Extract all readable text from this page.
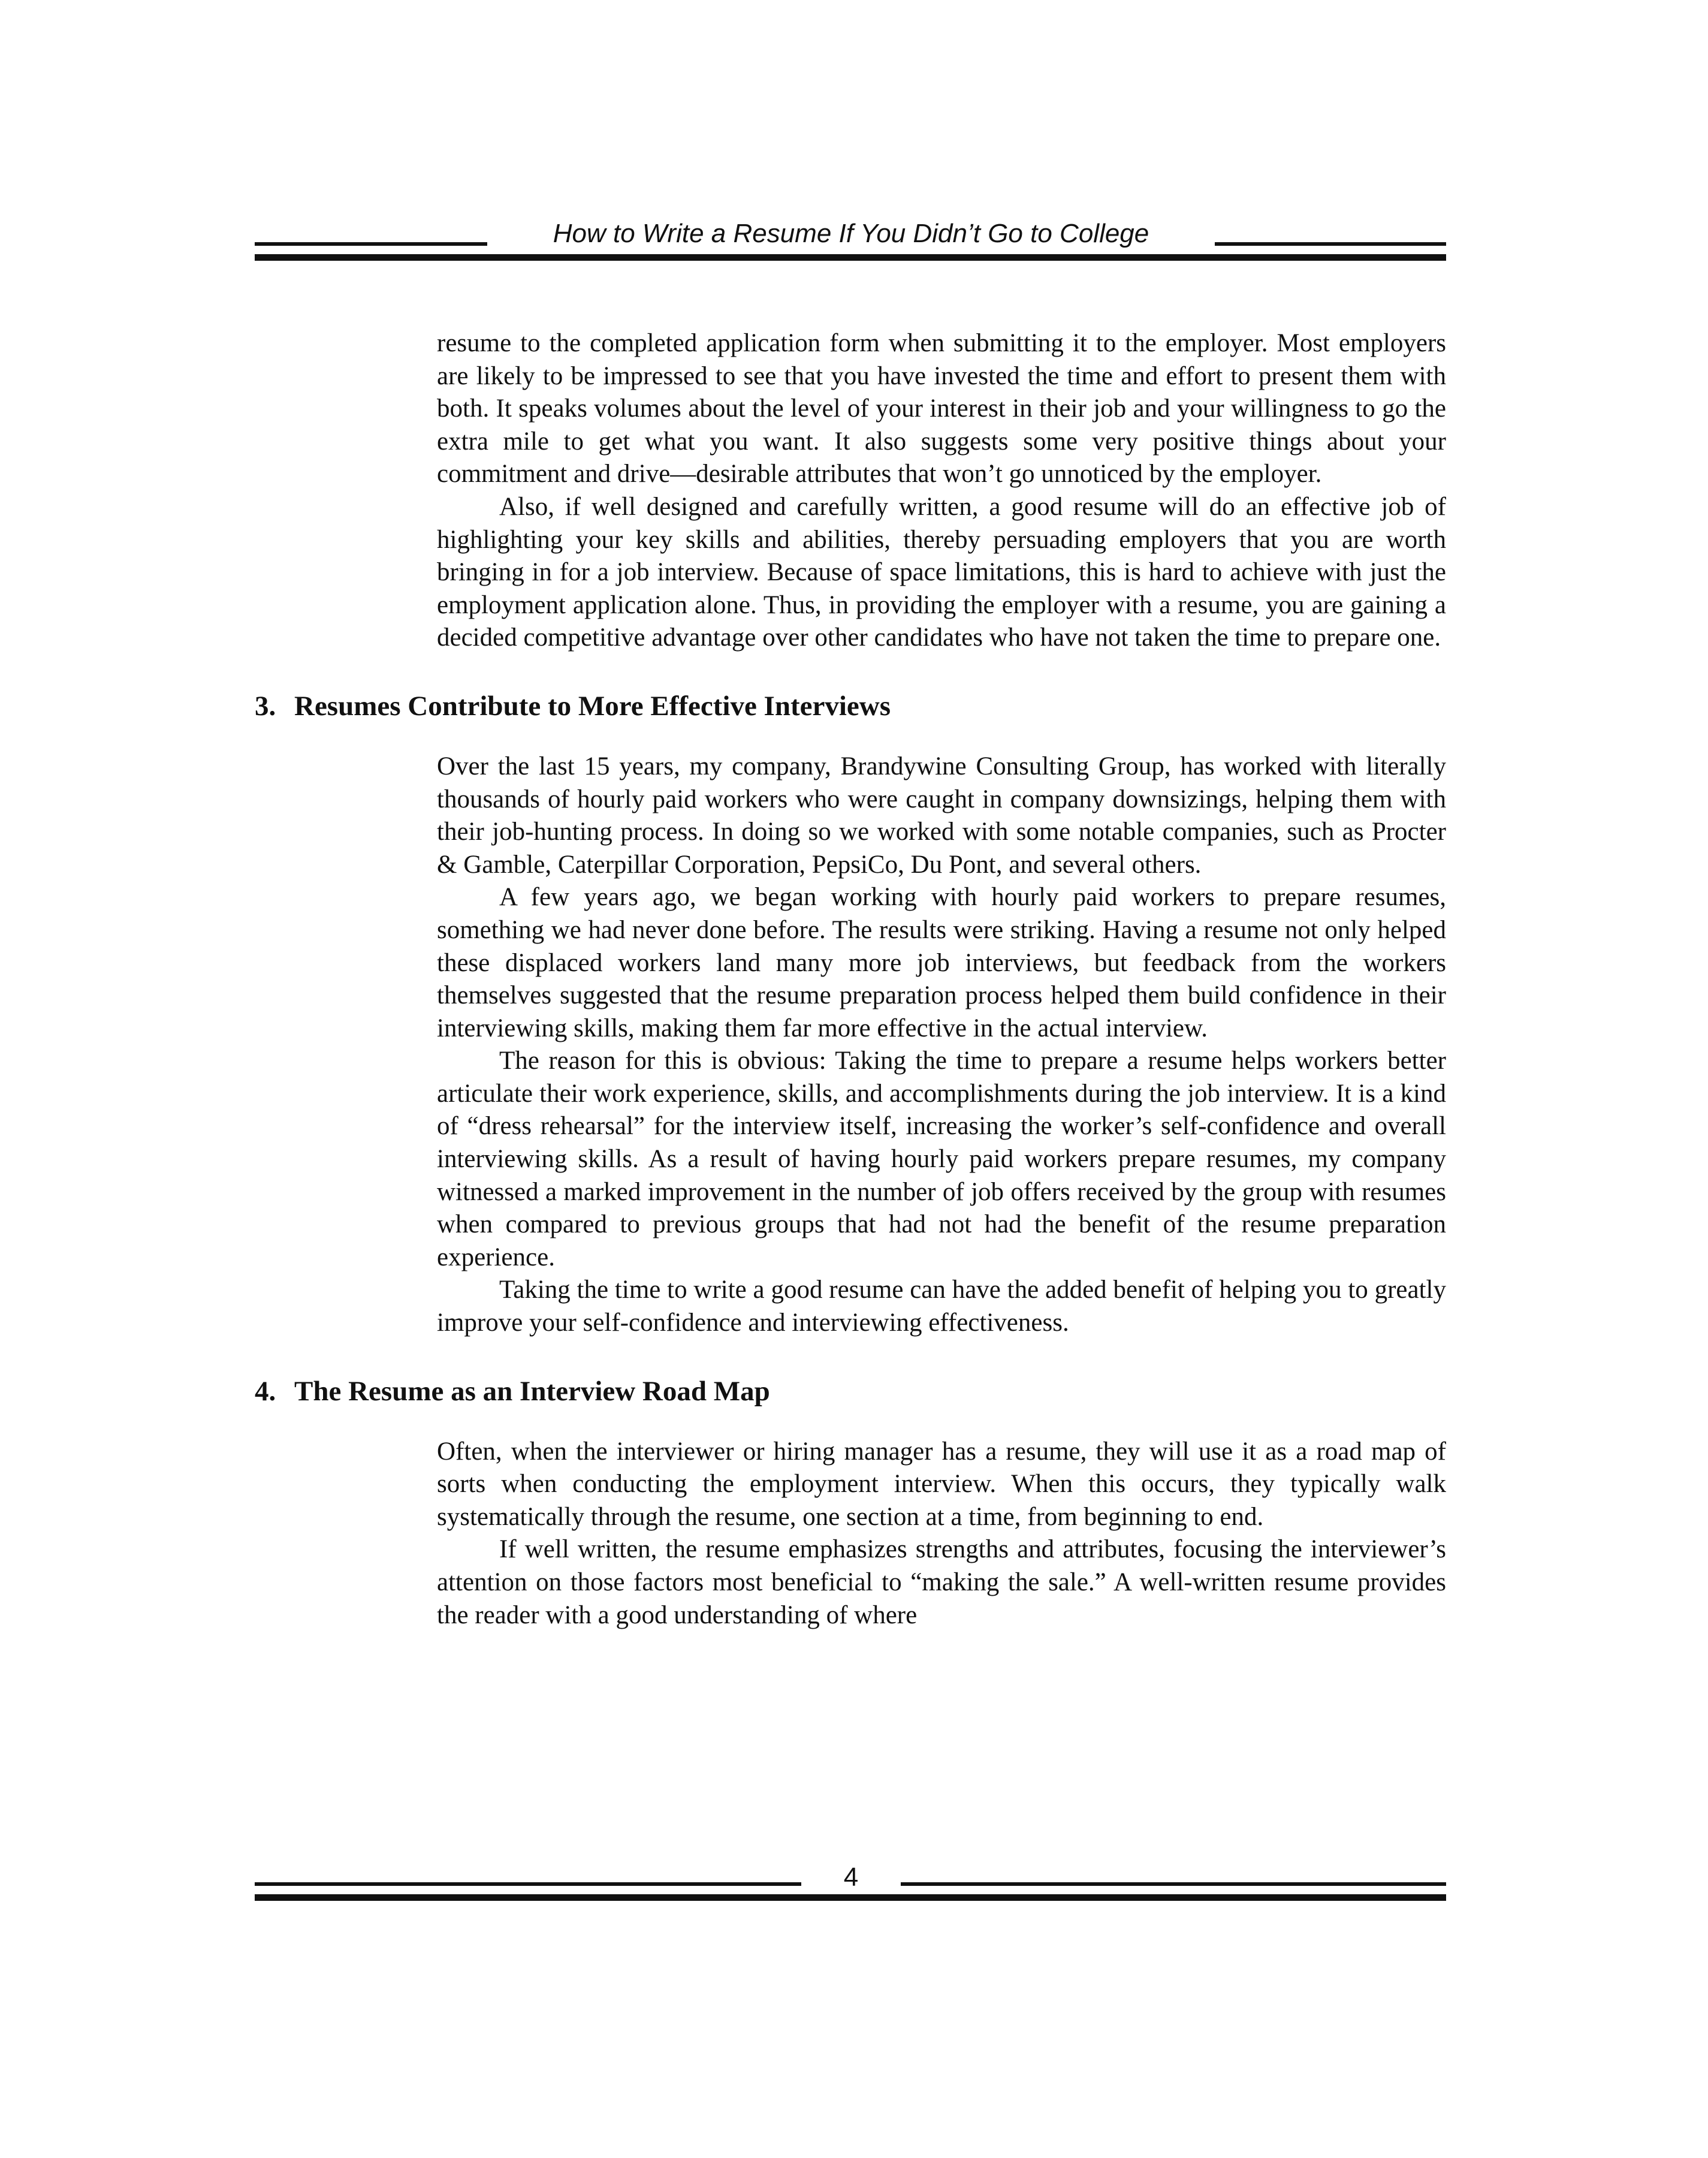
How to Write a Resume If You Didn’t Go to College

resume to the completed application form when submitting it to the employer. Most employers are likely to be impressed to see that you have invested the time and effort to present them with both. It speaks volumes about the level of your interest in their job and your willingness to go the extra mile to get what you want. It also suggests some very positive things about your commitment and drive—desirable attributes that won’t go unnoticed by the employer.

Also, if well designed and carefully written, a good resume will do an effective job of highlighting your key skills and abilities, thereby persuading employers that you are worth bringing in for a job interview. Because of space limitations, this is hard to achieve with just the employment application alone. Thus, in providing the employer with a resume, you are gaining a decided competitive advantage over other candidates who have not taken the time to prepare one.

3. Resumes Contribute to More Effective Interviews

Over the last 15 years, my company, Brandywine Consulting Group, has worked with literally thousands of hourly paid workers who were caught in company downsizings, helping them with their job-hunting process. In doing so we worked with some notable companies, such as Procter & Gamble, Caterpillar Corporation, PepsiCo, Du Pont, and several others.

A few years ago, we began working with hourly paid workers to prepare resumes, something we had never done before. The results were striking. Having a resume not only helped these displaced workers land many more job interviews, but feedback from the workers themselves suggested that the resume preparation process helped them build confidence in their interviewing skills, making them far more effective in the actual interview.

The reason for this is obvious: Taking the time to prepare a resume helps workers better articulate their work experience, skills, and accomplishments during the job interview. It is a kind of “dress rehearsal” for the interview itself, increasing the worker’s self-confidence and overall interviewing skills. As a result of having hourly paid workers prepare resumes, my company witnessed a marked improvement in the number of job offers received by the group with resumes when compared to previous groups that had not had the benefit of the resume preparation experience.

Taking the time to write a good resume can have the added benefit of helping you to greatly improve your self-confidence and interviewing effectiveness.

4. The Resume as an Interview Road Map

Often, when the interviewer or hiring manager has a resume, they will use it as a road map of sorts when conducting the employment interview. When this occurs, they typically walk systematically through the resume, one section at a time, from beginning to end.

If well written, the resume emphasizes strengths and attributes, focusing the interviewer’s attention on those factors most beneficial to “making the sale.” A well-written resume provides the reader with a good understanding of where

4
